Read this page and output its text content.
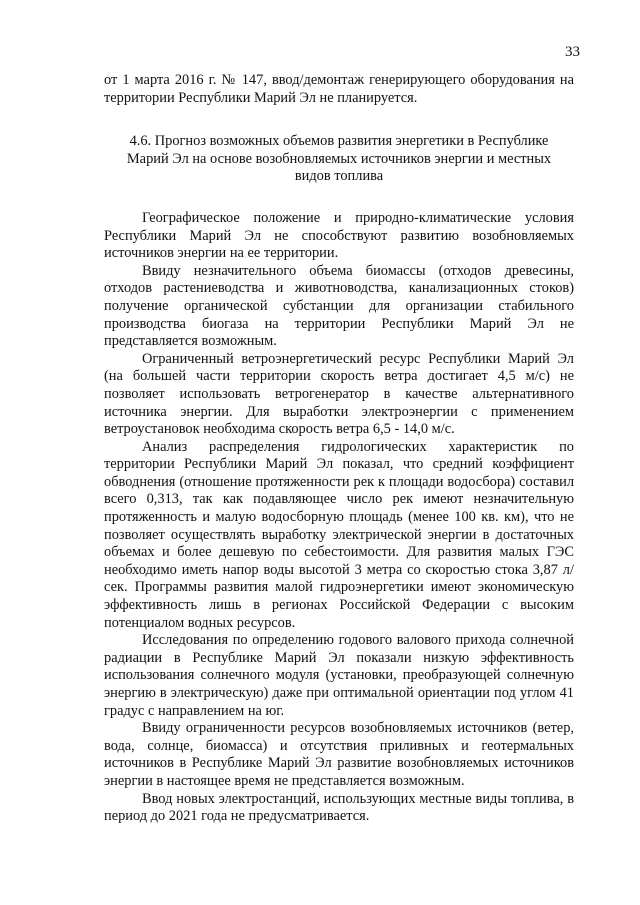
33

от 1 марта 2016 г. № 147, ввод/демонтаж генерирующего оборудования на территории Республики Марий Эл не планируется.

4.6. Прогноз возможных объемов развития энергетики в Республике Марий Эл на основе возобновляемых источников энергии и местных видов топлива

Географическое положение и природно-климатические условия Республики Марий Эл не способствуют развитию возобновляемых источников энергии на ее территории.

Ввиду незначительного объема биомассы (отходов древесины, отходов растениеводства и животноводства, канализационных стоков) получение органической субстанции для организации стабильного производства биогаза на территории Республики Марий Эл не представляется возможным.

Ограниченный ветроэнергетический ресурс Республики Марий Эл (на большей части территории скорость ветра достигает 4,5 м/с) не позволяет использовать ветрогенератор в качестве альтернативного источника энергии. Для выработки электроэнергии с применением ветроустановок необходима скорость ветра 6,5 - 14,0 м/с.

Анализ распределения гидрологических характеристик по территории Республики Марий Эл показал, что средний коэффициент обводнения (отношение протяженности рек к площади водосбора) составил всего 0,313, так как подавляющее число рек имеют незначительную протяженность и малую водосборную площадь (менее 100 кв. км), что не позволяет осуществлять выработку электрической энергии в достаточных объемах и более дешевую по себестоимости. Для развития малых ГЭС необходимо иметь напор воды высотой 3 метра со скоростью стока 3,87 л/сек. Программы развития малой гидроэнергетики имеют экономическую эффективность лишь в регионах Российской Федерации с высоким потенциалом водных ресурсов.

Исследования по определению годового валового прихода солнечной радиации в Республике Марий Эл показали низкую эффективность использования солнечного модуля (установки, преобразующей солнечную энергию в электрическую) даже при оптимальной ориентации под углом 41 градус с направлением на юг.

Ввиду ограниченности ресурсов возобновляемых источников (ветер, вода, солнце, биомасса) и отсутствия приливных и геотермальных источников в Республике Марий Эл развитие возобновляемых источников энергии в настоящее время не представляется возможным.

Ввод новых электростанций, использующих местные виды топлива, в период до 2021 года не предусматривается.
